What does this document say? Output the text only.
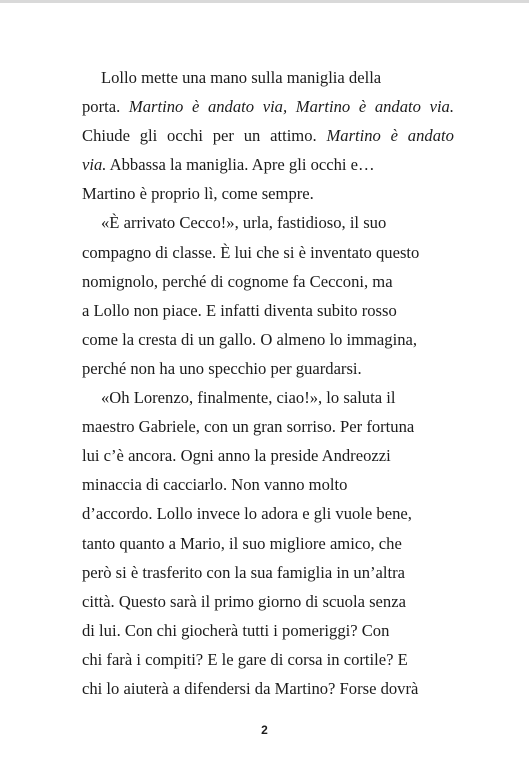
Lollo mette una mano sulla maniglia della
porta. Martino è andato via, Martino è andato via.
Chiude gli occhi per un attimo. Martino è andato
via. Abbassa la maniglia. Apre gli occhi e…
Martino è proprio lì, come sempre.
«È arrivato Cecco!», urla, fastidioso, il suo
compagno di classe. È lui che si è inventato questo
nomignolo, perché di cognome fa Cecconi, ma
a Lollo non piace. E infatti diventa subito rosso
come la cresta di un gallo. O almeno lo immagina,
perché non ha uno specchio per guardarsi.
«Oh Lorenzo, finalmente, ciao!», lo saluta il
maestro Gabriele, con un gran sorriso. Per fortuna
lui c’è ancora. Ogni anno la preside Andreozzi
minaccia di cacciarlo. Non vanno molto
d’accordo. Lollo invece lo adora e gli vuole bene,
tanto quanto a Mario, il suo migliore amico, che
però si è trasferito con la sua famiglia in un’altra
città. Questo sarà il primo giorno di scuola senza
di lui. Con chi giocherà tutti i pomeriggi? Con
chi farà i compiti? E le gare di corsa in cortile? E
chi lo aiuterà a difendersi da Martino? Forse dovrà
2
